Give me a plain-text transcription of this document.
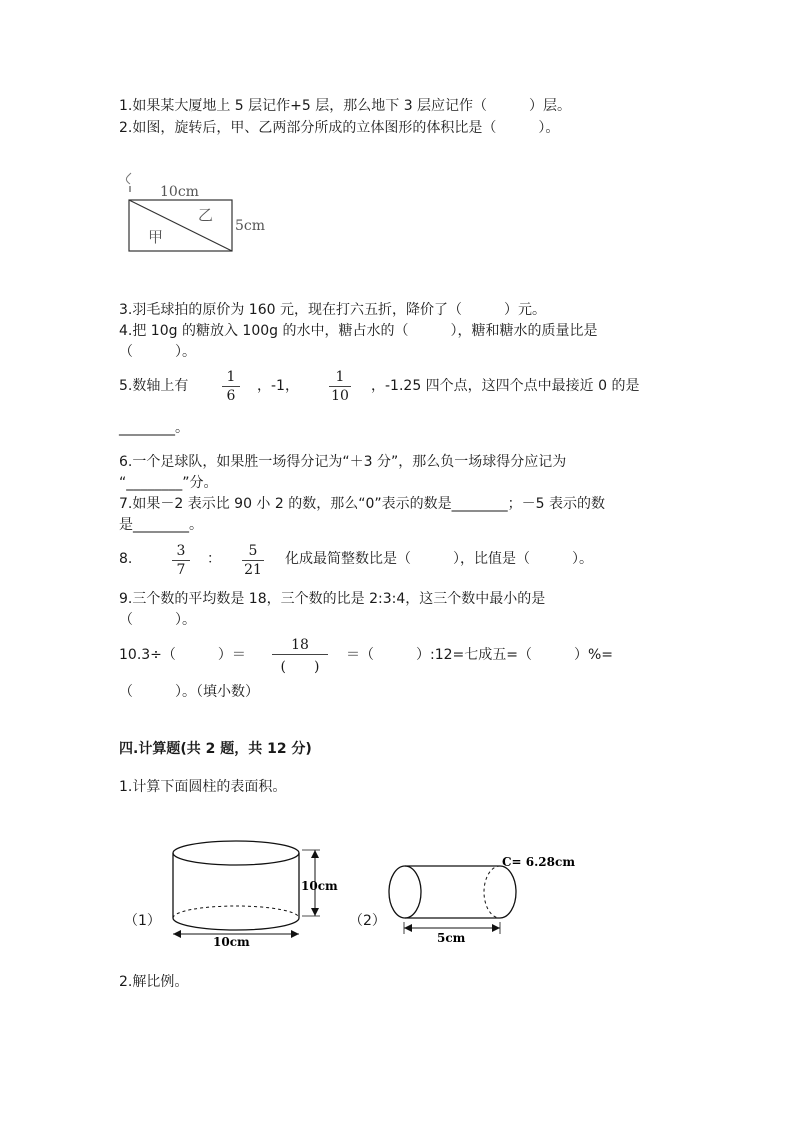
1.如果某大厦地上 5 层记作+5 层，那么地下 3 层应记作（　　　）层。
2.如图，旋转后，甲、乙两部分所成的立体图形的体积比是（　　　）。
10cm
5cm
乙
甲
3.羽毛球拍的原价为 160 元，现在打六五折，降价了（　　　）元。
4.把 10g 的糖放入 100g 的水中，糖占水的（　　　），糖和糖水的质量比是
（　　　）。
5.数轴上有
1
6
，-1，
1
10
，-1.25 四个点，这四个点中最接近 0 的是
________。
6.一个足球队，如果胜一场得分记为“＋3 分”，那么负一场球得分应记为
“________”分。
7.如果－2 表示比 90 小 2 的数，那么“0”表示的数是________；－5 表示的数
是________。
8.	3
7
：	5
21
化成最简整数比是（　　　），比值是（　　　）。
9.三个数的平均数是 18，三个数的比是 2:3:4，这三个数中最小的是
（　　　）。
10.3÷（　　　）＝
18
(　　)
＝（　　　）:12=七成五=（　　　）%=
（　　　）。（填小数）
四.计算题(共 2 题，共 12 分)
1.计算下面圆柱的表面积。
（1）
10cm
10cm
（2）
C= 6.28cm
5cm
2.解比例。
